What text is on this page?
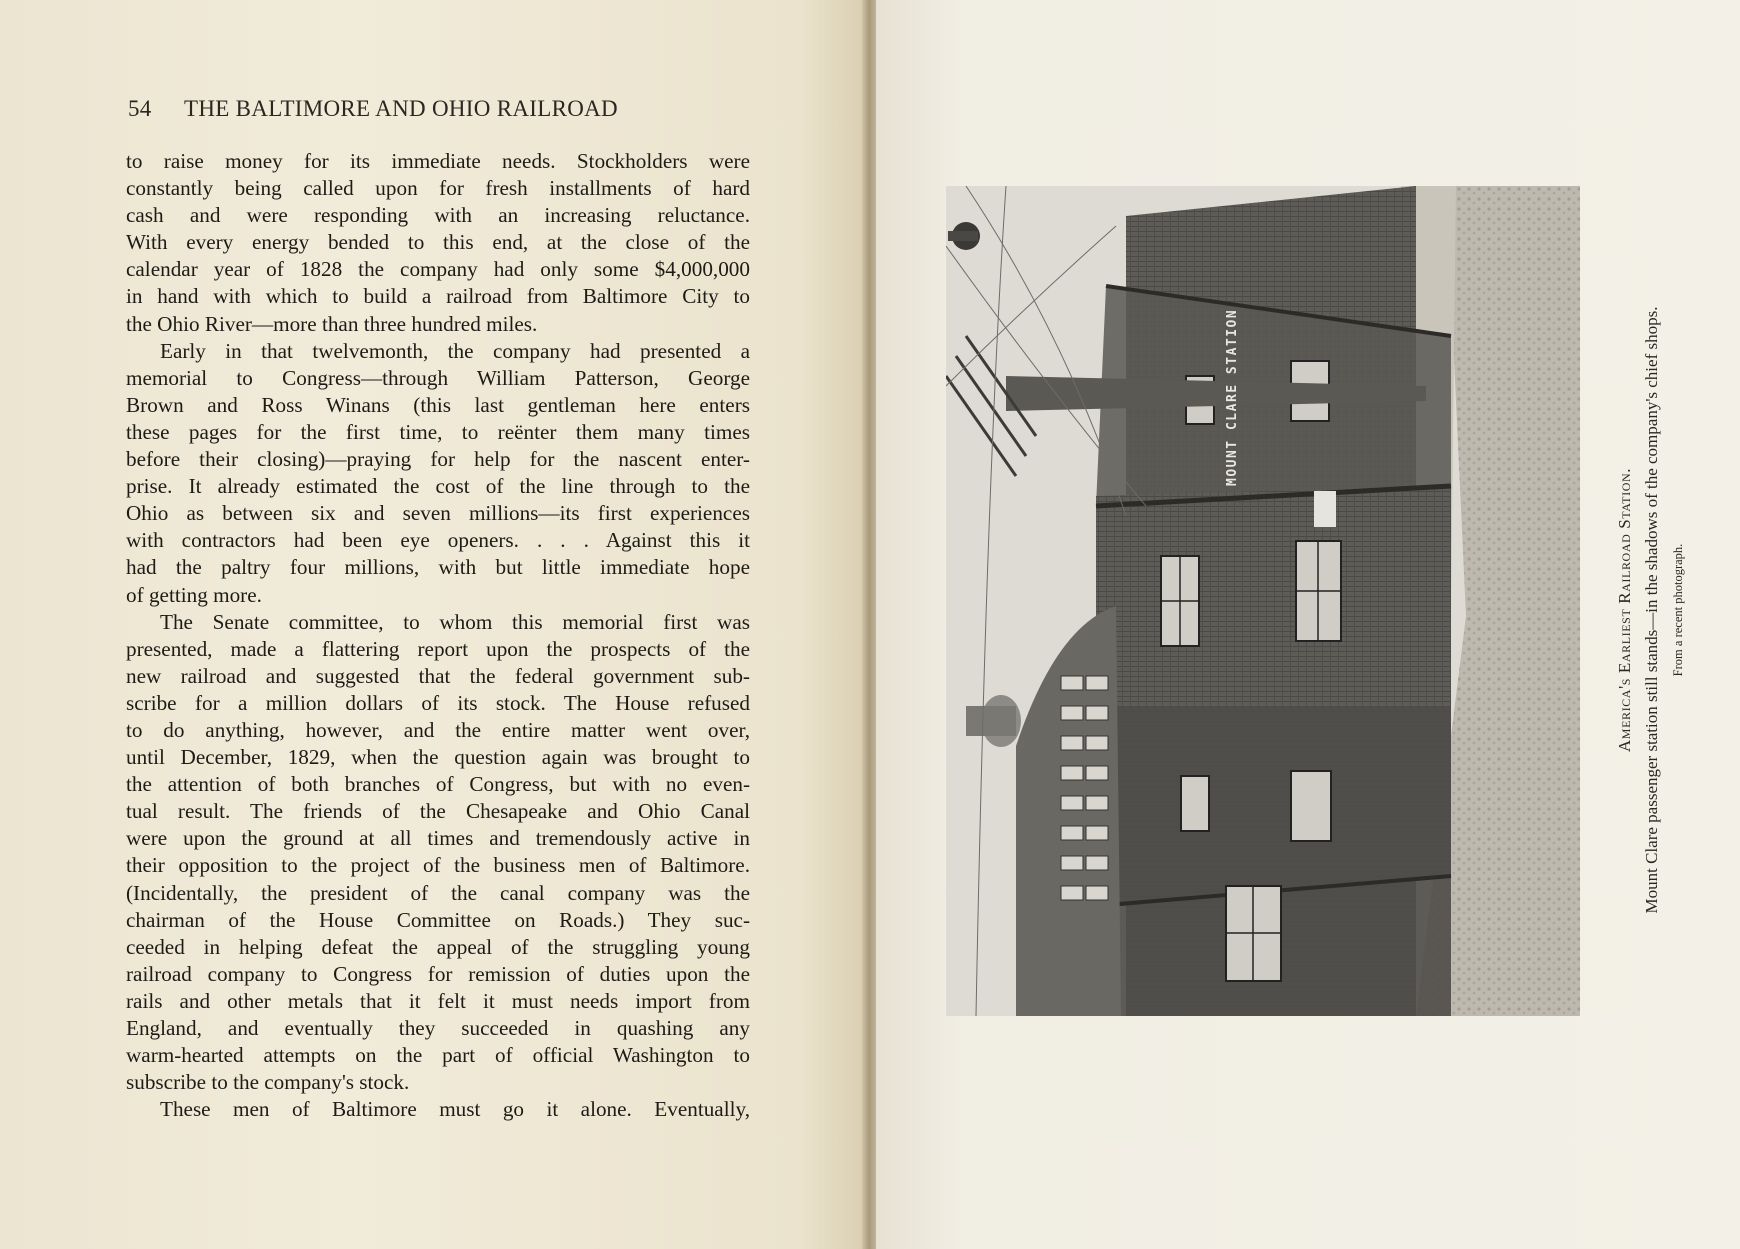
54 THE BALTIMORE AND OHIO RAILROAD
to raise money for its immediate needs. Stockholders were
constantly being called upon for fresh installments of hard
cash and were responding with an increasing reluctance.
With every energy bended to this end, at the close of the
calendar year of 1828 the company had only some $4,000,000
in hand with which to build a railroad from Baltimore City to
the Ohio River—more than three hundred miles.
Early in that twelvemonth, the company had presented a
memorial to Congress—through William Patterson, George
Brown and Ross Winans (this last gentleman here enters
these pages for the first time, to reënter them many times
before their closing)—praying for help for the nascent enter-
prise. It already estimated the cost of the line through to the
Ohio as between six and seven millions—its first experiences
with contractors had been eye openers. . . . Against this it
had the paltry four millions, with but little immediate hope
of getting more.
The Senate committee, to whom this memorial first was
presented, made a flattering report upon the prospects of the
new railroad and suggested that the federal government sub-
scribe for a million dollars of its stock. The House refused
to do anything, however, and the entire matter went over,
until December, 1829, when the question again was brought to
the attention of both branches of Congress, but with no even-
tual result. The friends of the Chesapeake and Ohio Canal
were upon the ground at all times and tremendously active in
their opposition to the project of the business men of Baltimore.
(Incidentally, the president of the canal company was the
chairman of the House Committee on Roads.) They suc-
ceeded in helping defeat the appeal of the struggling young
railroad company to Congress for remission of duties upon the
rails and other metals that it felt it must needs import from
England, and eventually they succeeded in quashing any
warm-hearted attempts on the part of official Washington to
subscribe to the company's stock.
These men of Baltimore must go it alone. Eventually,
MOUNT CLARE STATION
America's Earliest Railroad Station. Mount Clare passenger station still stands—in the shadows of the company's chief shops. From a recent photograph.
